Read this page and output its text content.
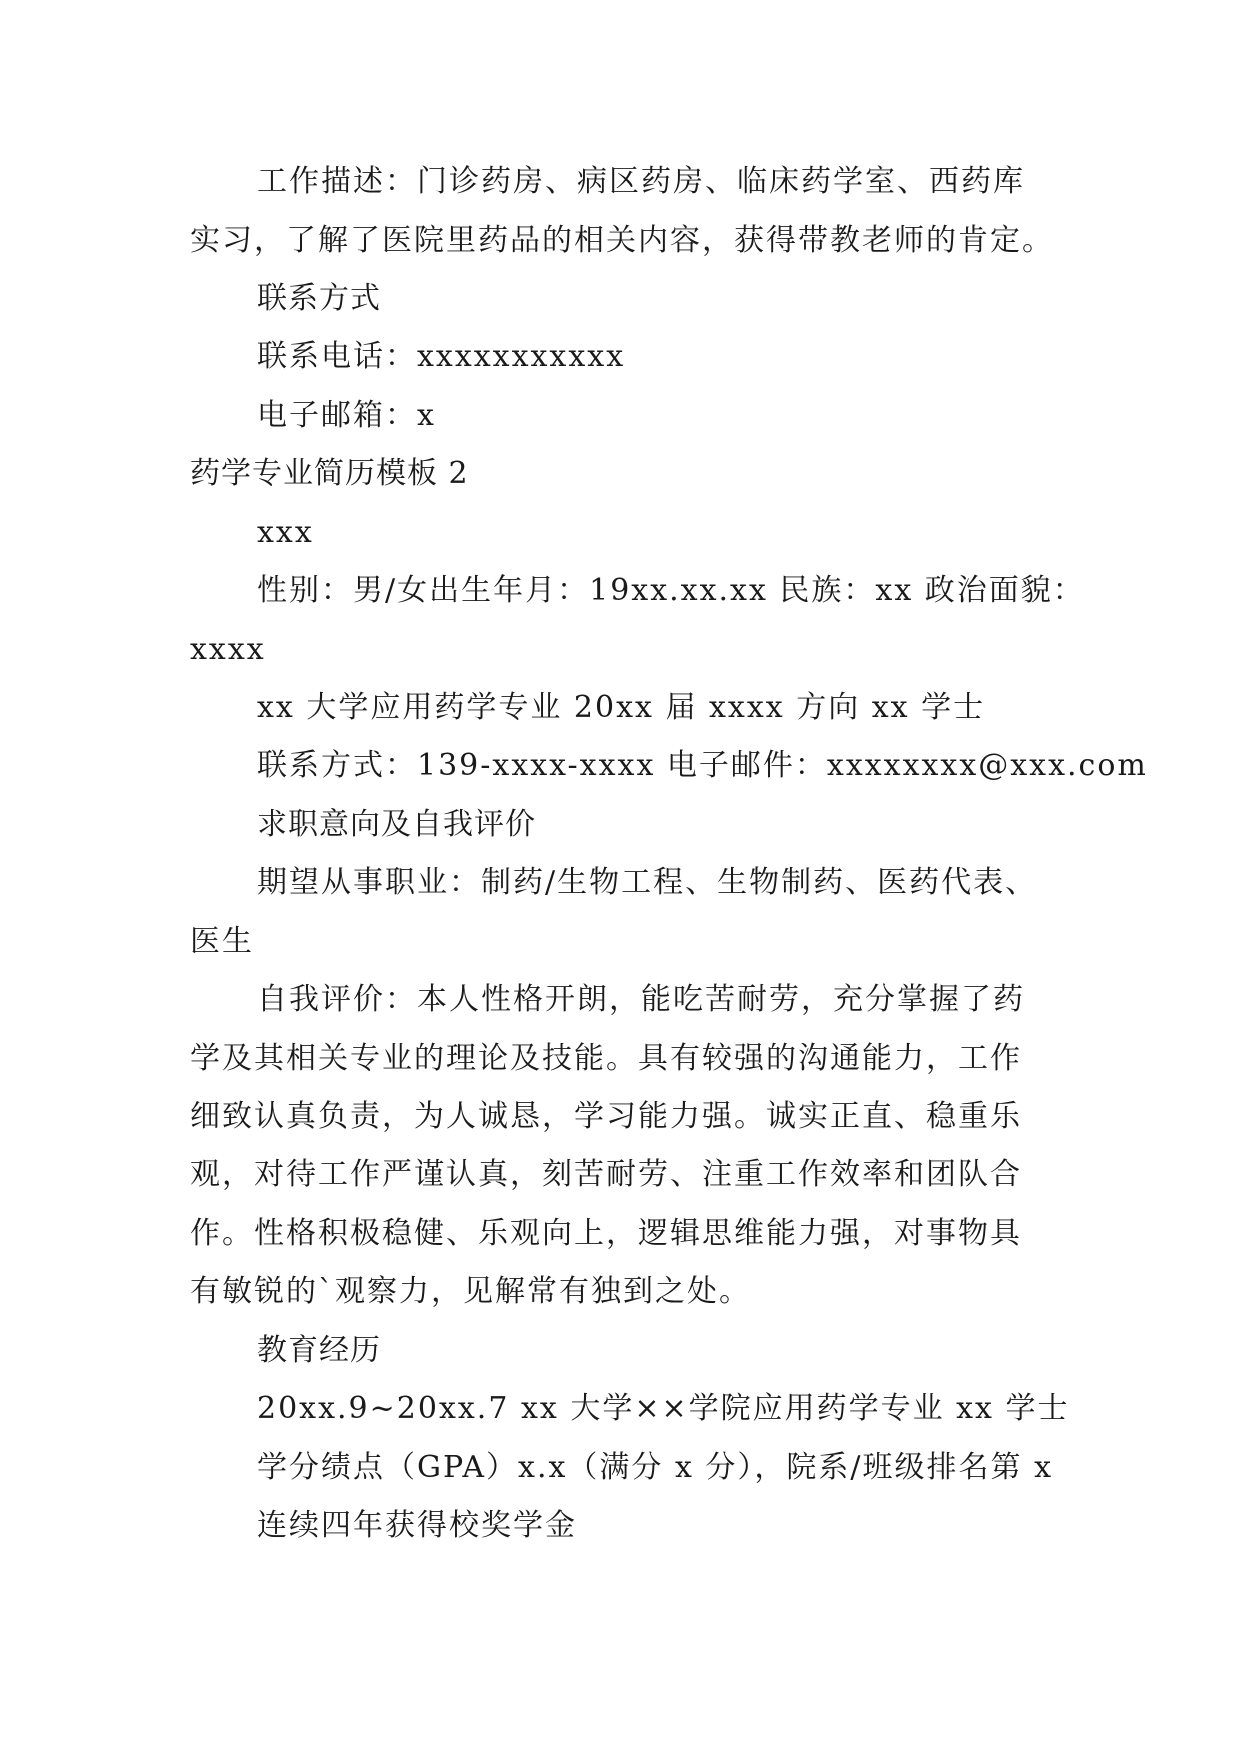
工作描述：门诊药房、病区药房、临床药学室、西药库
实习，了解了医院里药品的相关内容，获得带教老师的肯定。
联系方式
联系电话：xxxxxxxxxxx
电子邮箱：x
药学专业简历模板 2
xxx
性别：男/女出生年月：19xx.xx.xx 民族：xx 政治面貌：
xxxx
xx 大学应用药学专业 20xx 届 xxxx 方向 xx 学士
联系方式：139-xxxx-xxxx 电子邮件：xxxxxxxx@xxx.com
求职意向及自我评价
期望从事职业：制药/生物工程、生物制药、医药代表、
医生
自我评价：本人性格开朗，能吃苦耐劳，充分掌握了药
学及其相关专业的理论及技能。具有较强的沟通能力，工作
细致认真负责，为人诚恳，学习能力强。诚实正直、稳重乐
观，对待工作严谨认真，刻苦耐劳、注重工作效率和团队合
作。性格积极稳健、乐观向上，逻辑思维能力强，对事物具
有敏锐的`观察力，见解常有独到之处。
教育经历
20xx.9~20xx.7 xx 大学××学院应用药学专业 xx 学士
学分绩点（GPA）x.x（满分 x 分），院系/班级排名第 x
连续四年获得校奖学金
